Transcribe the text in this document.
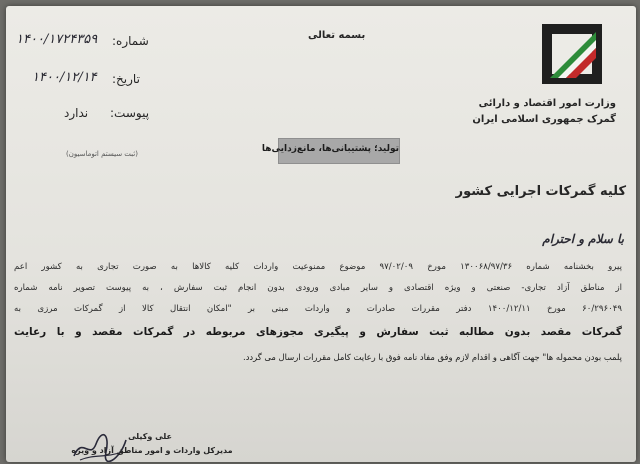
وزارت امور اقتصاد و دارائی
گمرک جمهوری اسلامی ایران
بسمه تعالی
شماره:
۱۴۰۰/۱۷۲۴۳۵۹
تاریخ:
۱۴۰۰/۱۲/۱۴
پیوست:
ندارد
(ثبت سیستم اتوماسیون)	تولید؛ پشتیبانی‌ها، مانع‌زدایی‌ها
کلیه گمرکات اجرایی کشور
با سلام و احترام
پیرو بخشنامه شماره ۱۳۰۰۶۸/۹۷/۳۶ مورخ ۹۷/۰۲/۰۹ موضوع ممنوعیت واردات کلیه کالاها به صورت تجاری به کشور اعم
از مناطق آزاد تجاری- صنعتی و ویژه اقتصادی و سایر مبادی ورودی بدون انجام ثبت سفارش ، به پیوست تصویر نامه شماره
۶۰/۲۹۶۰۴۹ مورخ ۱۴۰۰/۱۲/۱۱ دفتر مقررات صادرات و واردات مبنی بر "امکان انتقال کالا از گمرکات مرزی به
گمرکات مقصد بدون مطالبه ثبت سفارش و پیگیری مجوزهای مربوطه در گمرکات مقصد و با رعایت
پلمب بودن محموله ها" جهت آگاهی و اقدام لازم وفق مفاد نامه فوق با رعایت کامل مقررات ارسال می گردد.
علی وکیلی
مدیرکل واردات و امور مناطق آزاد و ویژه
